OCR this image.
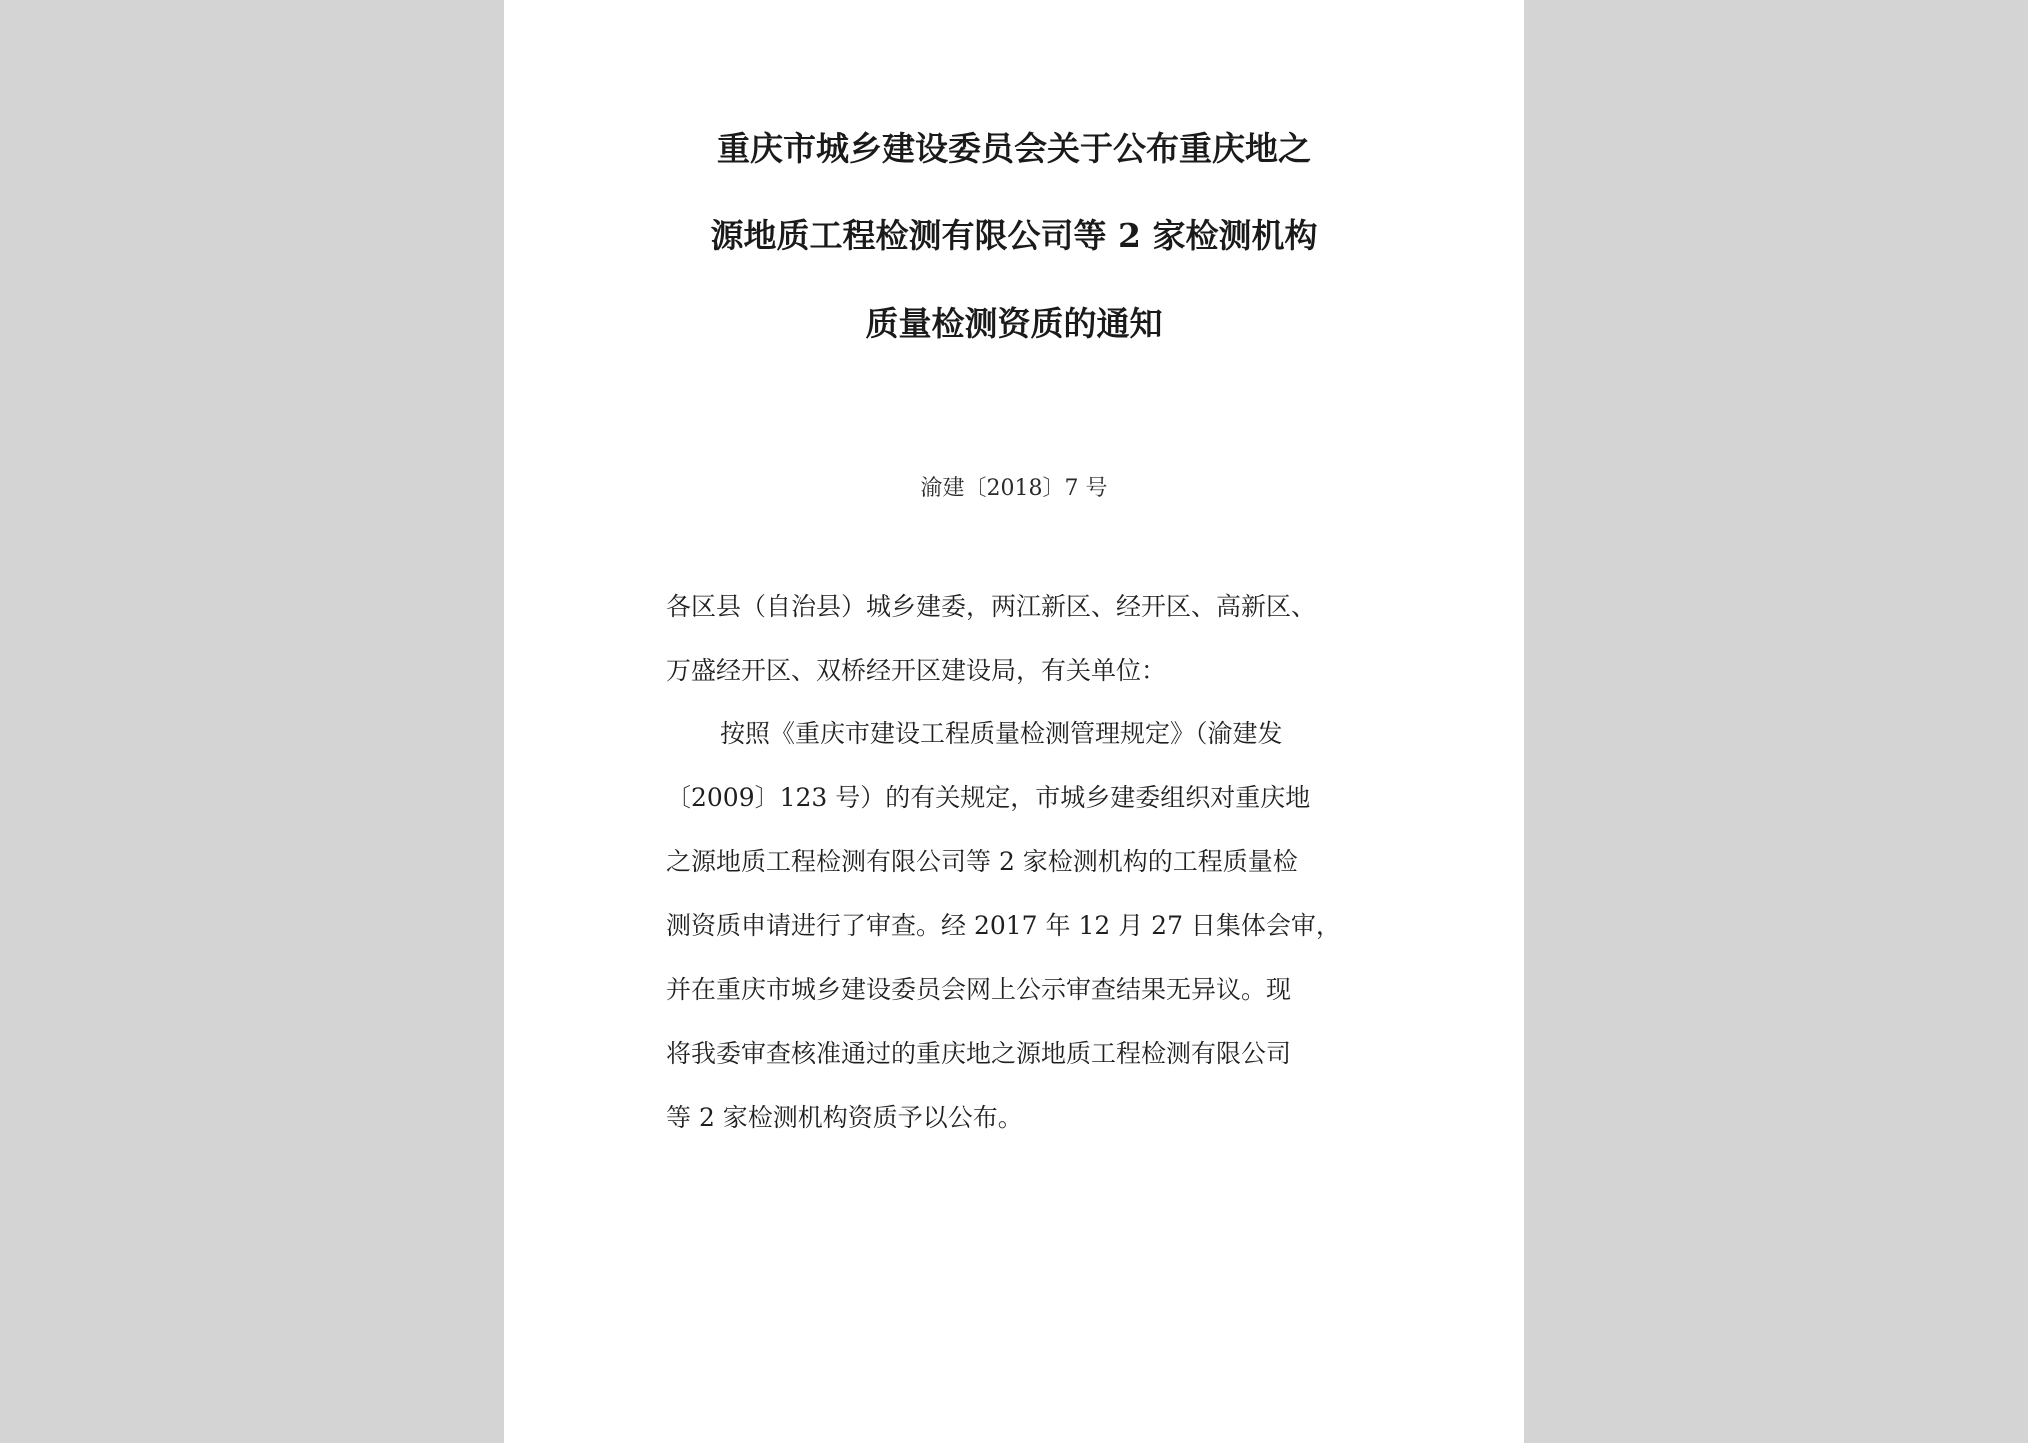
重庆市城乡建设委员会关于公布重庆地之
源地质工程检测有限公司等 2 家检测机构
质量检测资质的通知
渝建〔2018〕7 号
各区县（自治县）城乡建委，两江新区、经开区、高新区、
万盛经开区、双桥经开区建设局，有关单位：
按照《重庆市建设工程质量检测管理规定》（渝建发
〔2009〕123 号）的有关规定，市城乡建委组织对重庆地
之源地质工程检测有限公司等 2 家检测机构的工程质量检
测资质申请进行了审查。经 2017 年 12 月 27 日集体会审，
并在重庆市城乡建设委员会网上公示审查结果无异议。现
将我委审查核准通过的重庆地之源地质工程检测有限公司
等 2 家检测机构资质予以公布。
